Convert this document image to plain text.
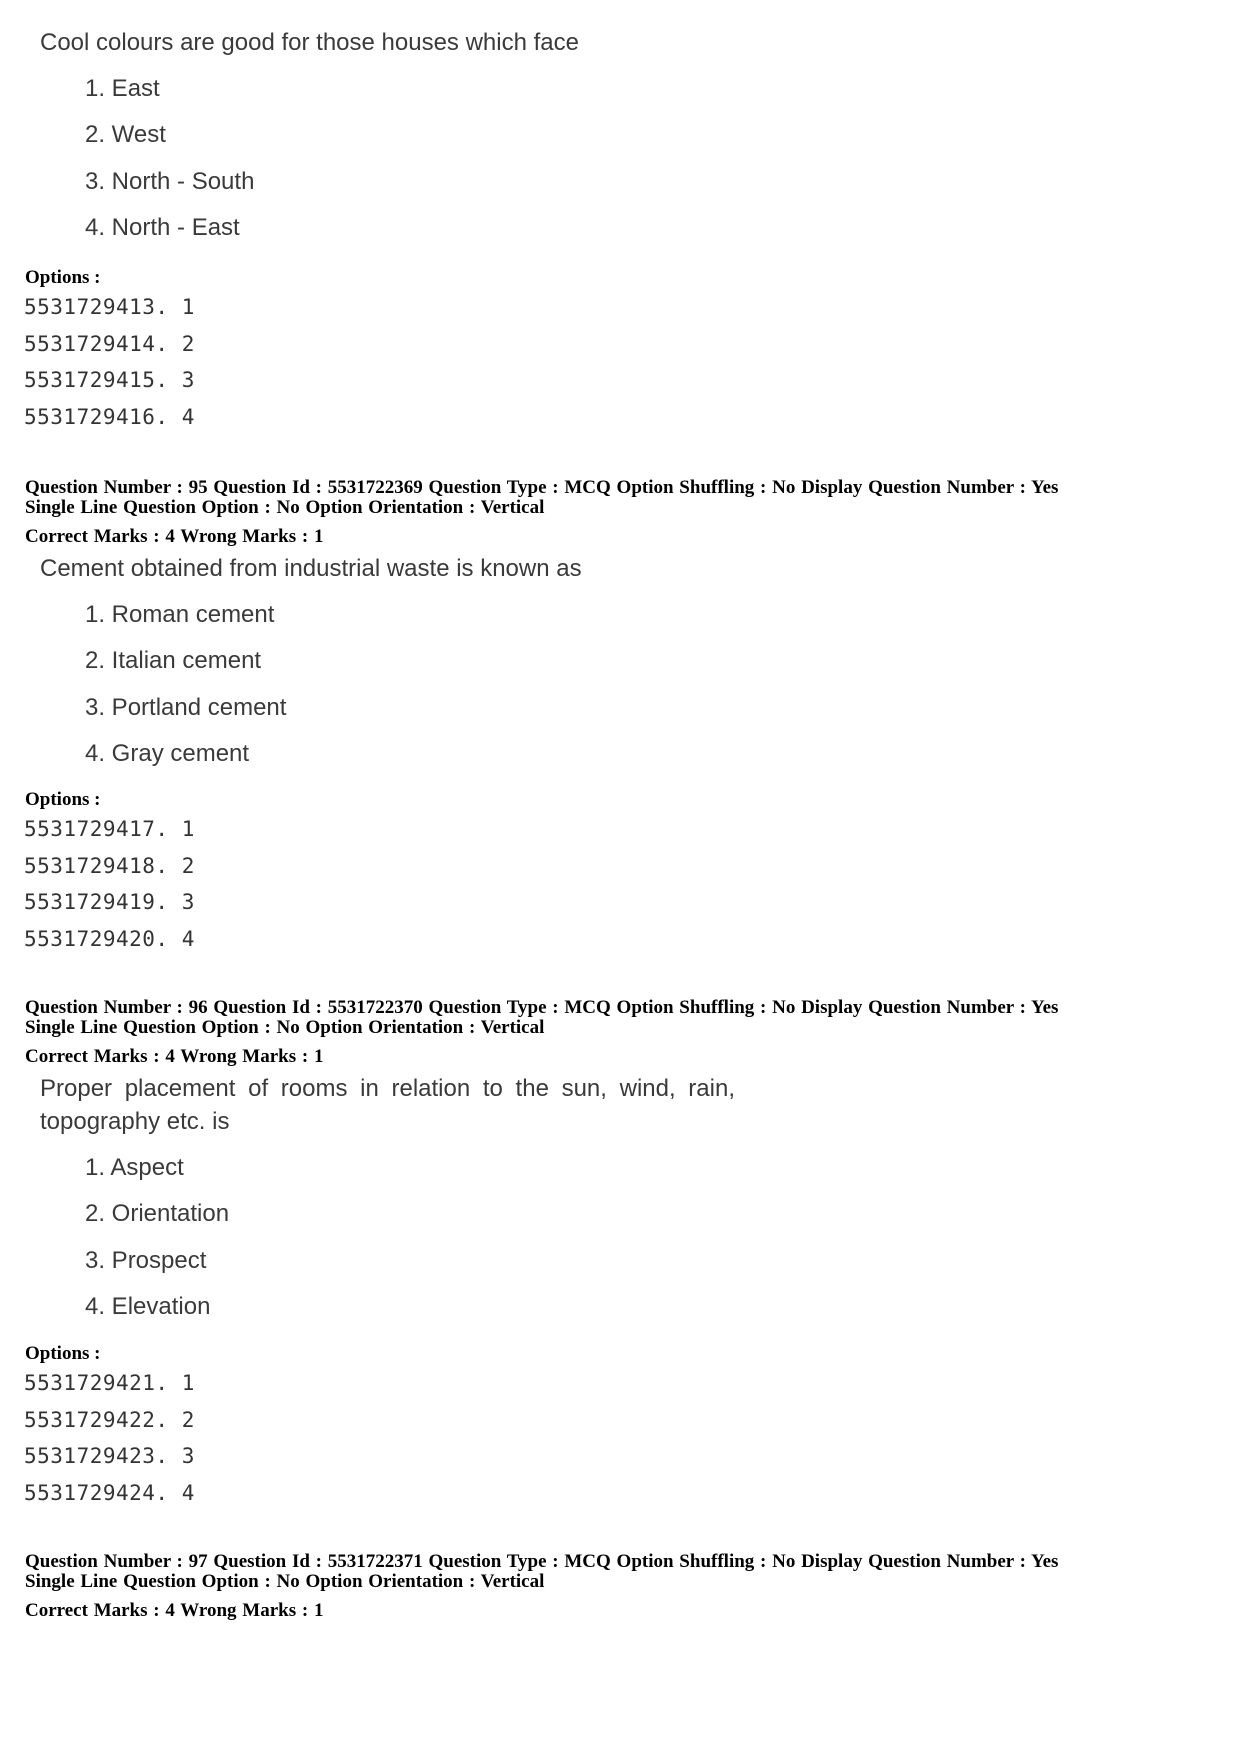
Cool colours are good for those houses which face
1. East
2. West
3. North - South
4. North - East
Options :
5531729413. 1
5531729414. 2
5531729415. 3
5531729416. 4
Question Number : 95 Question Id : 5531722369 Question Type : MCQ Option Shuffling : No Display Question Number : Yes
Single Line Question Option : No Option Orientation : Vertical
Correct Marks : 4 Wrong Marks : 1
Cement obtained from industrial waste is known as
1. Roman cement
2. Italian cement
3. Portland cement
4. Gray cement
Options :
5531729417. 1
5531729418. 2
5531729419. 3
5531729420. 4
Question Number : 96 Question Id : 5531722370 Question Type : MCQ Option Shuffling : No Display Question Number : Yes
Single Line Question Option : No Option Orientation : Vertical
Correct Marks : 4 Wrong Marks : 1
Proper placement of rooms in relation to the sun, wind, rain,
topography etc. is
1. Aspect
2. Orientation
3. Prospect
4. Elevation
Options :
5531729421. 1
5531729422. 2
5531729423. 3
5531729424. 4
Question Number : 97 Question Id : 5531722371 Question Type : MCQ Option Shuffling : No Display Question Number : Yes
Single Line Question Option : No Option Orientation : Vertical
Correct Marks : 4 Wrong Marks : 1
